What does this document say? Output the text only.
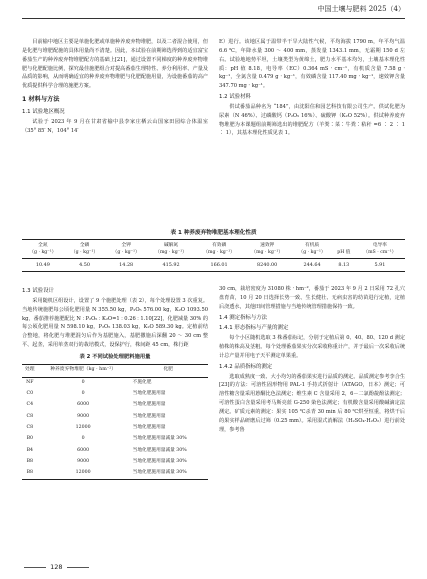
中国土壤与肥料 2025（4）

目前榆中地区主要是单施化肥或单施种养废弃物堆肥，以及二者混合使用，但是化肥与堆肥配施的具体用量尚不清楚。因此，本试验在前期筛选得到的适宜富宝番茄生产的种养废弃物堆肥配方的基础上[21]，通过设置不同梯度的种养废弃物堆肥与化肥配施比例，探究最佳施肥组合对提高番茄生理特性、养分利用率、产量及品质的影响，从而明确适宜的种养废弃物堆肥与化肥配施用量，为设施番茄的高产优质提供科学合理的施肥方案。

1 材料与方法
1.1 试验地区概况

试验于 2023 年 9 月在甘肃省榆中县李家庄栖云山国家田园综合体温室（35° 85′ N，104° 14′

E）进行。该地区属于温带半干旱大陆性气候，平均海拔 1790 m，年平均气温 6.6 ℃，年降水量 300 ～ 400 mm，蒸发量 1343.1 mm，无霜期 150 d 左右。试验地地势平坦，土壤类型为黄绵土，肥力水平基本均匀，土壤基本理化性质：pH 值 8.18，电导率（EC）0.364 mS · cm⁻¹，有机质含量 7.58 g · kg⁻¹，全氮含量 0.479 g · kg⁻¹，有效磷含量 117.40 mg · kg⁻¹，速效钾含量 347.70 mg · kg⁻¹。

1.2 试验材料

供试番茄品种名为 “184”，由沈阳住和园艺科技有限公司生产。供试化肥为尿素（N 46%）、过磷酸钙（P₂O₅ 16%）、硫酸钾（K₂O 52%）。供试种养废弃物堆肥为本课题组前期筛选出的堆肥配方（羊粪∶菜∶牛粪∶秸秆 =6 ∶ 2 ∶ 1 ∶ 1），其基本理化性质见表 1。

表 1 种养废弃物堆肥基本理化性质
全氮
（g · kg⁻¹）	全磷
（g · kg⁻¹）	全钾
（g · kg⁻¹）	碱解氮
（mg · kg⁻¹）	有效磷
（mg · kg⁻¹）	速效钾
（mg · kg⁻¹）	有机质
（g · kg⁻¹）	pH 值	电导率
（mS · cm⁻¹）
10.49	4.50	14.28	415.92	166.01	8240.00	244.64	8.13	5.91
1.3 试验设计

采用随机区组设计，设置了 9 个施肥处理（表 2），每个处理设置 3 次重复。当地传统施肥每公顷化肥用量 N 355.50 kg，P₂O₅ 576.00 kg，K₂O 1093.50 kg，番茄推荐施肥配比 N ∶ P₂O₅ ∶ K₂O=1 ∶ 0.26 ∶ 1.10[22]，化肥减量 30% 的每公顷化肥用量 N 598.10 kg，P₂O₅ 138.03 kg，K₂O 589.30 kg。定植前结合整地，将化肥与堆肥混匀后作为基肥施入，基肥撒施后深翻 20 ～ 30 cm 整平、起垄，采用单垄双行的栽培模式，设保护行，株间距 45 cm，株行距

表 2 不同试验处理肥料施用量
处理	种养废弃物堆肥（kg · hm⁻²）	化肥
NF	0	不施化肥
C0	0	当地化肥施用量
C4	6000	当地化肥施用量
C8	9000	当地化肥施用量
C8	12000	当地化肥施用量
B0	0	当地化肥施用量减量 30%
B4	6000	当地化肥施用量减量 30%
B8	9000	当地化肥施用量减量 30%
B8	12000	当地化肥施用量减量 30%

30 cm，栽培密度为 31080 株 · hm⁻²，番茄于 2023 年 9 月 2 日采用 72 孔穴盘育苗，10 月 20 日选择长势一致、生长健壮、无病虫害的幼苗进行定植，定植后浇透水，其他田间管理措施与当地传统管理措施保持一致。

1.4 测定指标与方法
1.4.1 形态指标与产量的测定

每个小区随机选取 3 株番茄标记，分别于定植后第 0、40、80、120 d 测定植株的株高及茎粗。每个处理番茄果实分次采收称重计产，并于最后一次采收后统计总产量并用电子天平测定单果重。

1.4.2 品质指标的测定

选取成熟度一致、大小均匀的番茄果实进行品质的测定。品质测定参考李合生[23]的方法：可溶性固形物用 PAL-1 手持式折射计（ATAGO，日本）测定；可溶性糖含量采用蒽酮比色法测定；维生素 C 含量采用 2，6－二氯酚靛酚法测定；可溶性蛋白含量采用考马斯亮蓝 G-250 染色法测定；有机酸含量采用酸碱滴定法测定。矿质元素的测定：果实 105 ℃杀青 30 min 后 80 ℃烘至恒重，将烘干后的果实样品研磨后过筛（0.25 mm）。采用湿式消解法（H₂SO₄-H₂O₂）进行前处理，参考鲁

128
